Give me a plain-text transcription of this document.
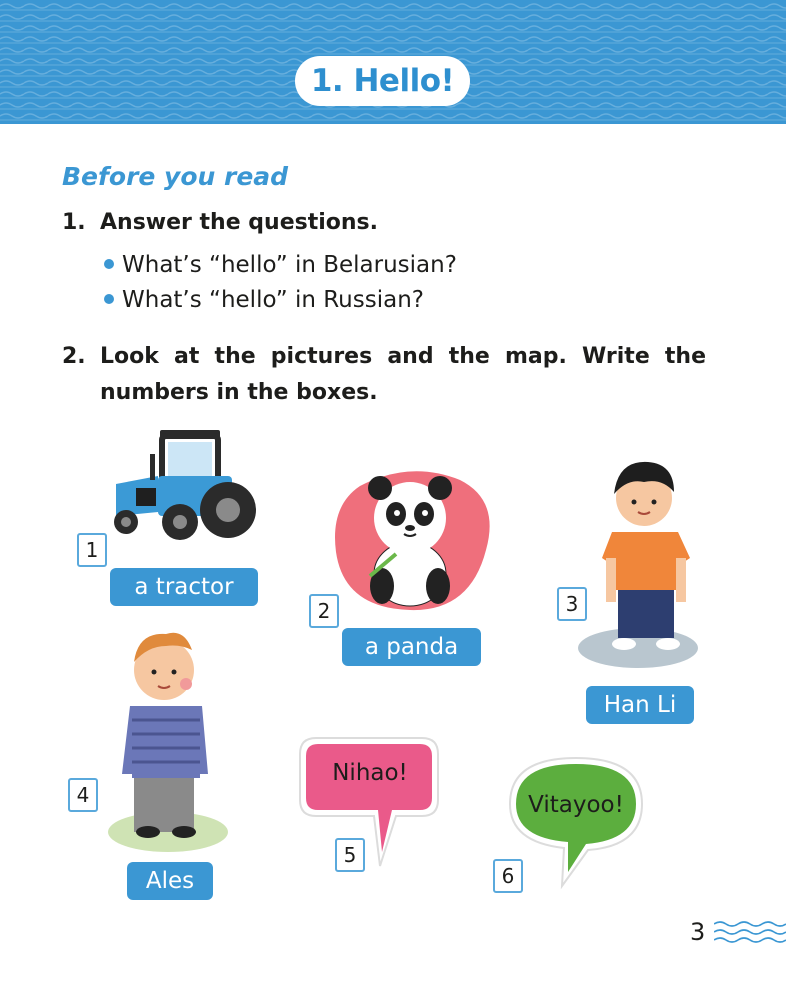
1. Hello!
Before you read
1. Answer the questions.
What’s “hello” in Belarusian?
What’s “hello” in Russian?
2. Look at the pictures and the map. Write the
numbers in the boxes.
1
a tractor
2
a panda
3
Han Li
4
Ales
Nihao!
5
Vitayoo!
6
3
